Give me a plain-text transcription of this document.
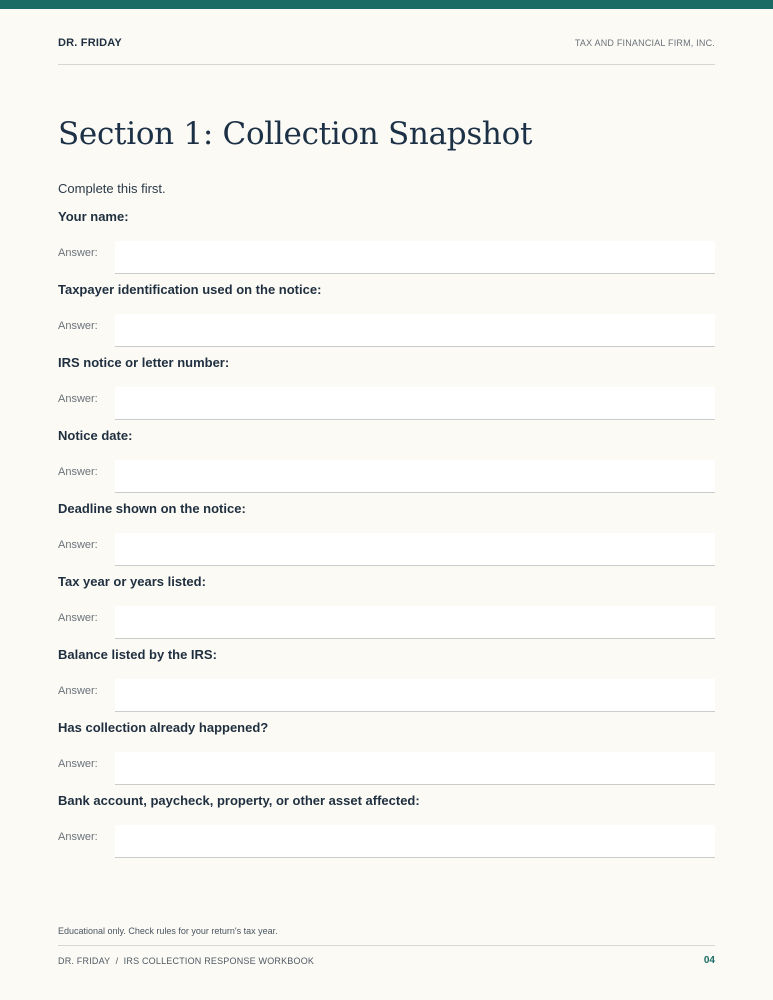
DR. FRIDAY	TAX AND FINANCIAL FIRM, INC.
Section 1: Collection Snapshot
Complete this first.
Your name:
Answer:
Taxpayer identification used on the notice:
Answer:
IRS notice or letter number:
Answer:
Notice date:
Answer:
Deadline shown on the notice:
Answer:
Tax year or years listed:
Answer:
Balance listed by the IRS:
Answer:
Has collection already happened?
Answer:
Bank account, paycheck, property, or other asset affected:
Answer:
Educational only. Check rules for your return's tax year.
DR. FRIDAY  /  IRS COLLECTION RESPONSE WORKBOOK	04
